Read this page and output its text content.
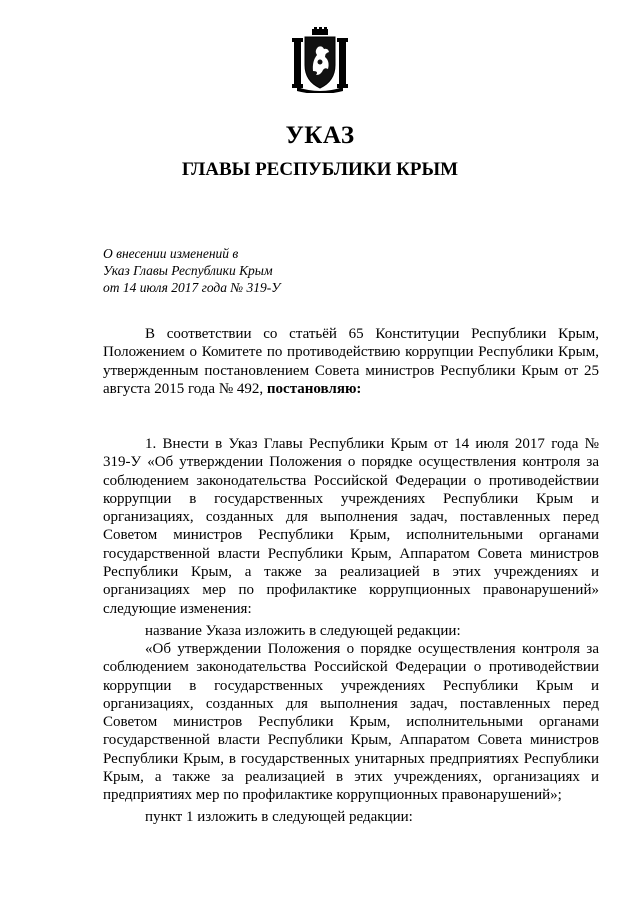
УКАЗ
ГЛАВЫ РЕСПУБЛИКИ КРЫМ
О внесении изменений в
Указ Главы Республики Крым
от 14 июля 2017 года № 319-У

В соответствии со статьёй 65 Конституции Республики Крым, Положением о Комитете по противодействию коррупции Республики Крым, утвержденным постановлением Совета министров Республики Крым от 25 августа 2015 года № 492, постановляю:

1. Внести в Указ Главы Республики Крым от 14 июля 2017 года № 319-У «Об утверждении Положения о порядке осуществления контроля за соблюдением законодательства Российской Федерации о противодействии коррупции в государственных учреждениях Республики Крым и организациях, созданных для выполнения задач, поставленных перед Советом министров Республики Крым, исполнительными органами государственной власти Республики Крым, Аппаратом Совета министров Республики Крым, а также за реализацией в этих учреждениях и организациях мер по профилактике коррупционных правонарушений» следующие изменения:

название Указа изложить в следующей редакции:

«Об утверждении Положения о порядке осуществления контроля за соблюдением законодательства Российской Федерации о противодействии коррупции в государственных учреждениях Республики Крым и организациях, созданных для выполнения задач, поставленных перед Советом министров Республики Крым, исполнительными органами государственной власти Республики Крым, Аппаратом Совета министров Республики Крым, в государственных унитарных предприятиях Республики Крым, а также за реализацией в этих учреждениях, организациях и предприятиях мер по профилактике коррупционных правонарушений»;

пункт 1 изложить в следующей редакции:
